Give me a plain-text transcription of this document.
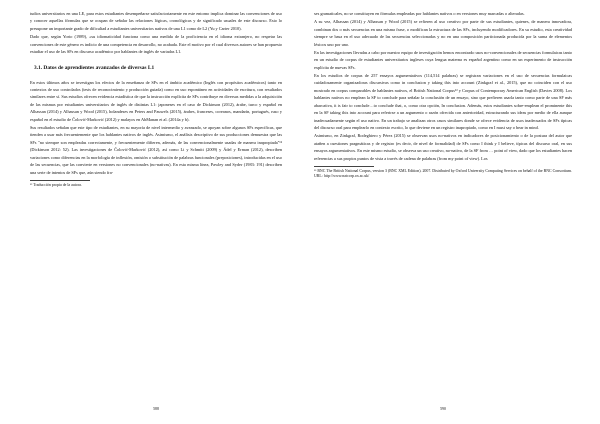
tudios universitarios en una LE, para estos estudiantes desempeñarse satisfactoriamente en este entorno implica dominar las convenciones de uso y conocer aquellas fórmulas que se ocupan de señalar las relaciones lógicas, cronológicas y de significado usuales de este discurso. Esto lo presupone un importante grado de dificultad a estudiantes universitarios nativos de una L1 como de L2 (Yu y Carter 2010).

Dado que, según Yorio (1989), «su idiomaticidad funciona como una medida de la proficiencia en el idioma extranjero, no respetar las convenciones de este género es indicio de una competencia en desarrollo, no acabada. Este el motivo por el cual diversos autores se han propuesto estudiar el uso de las SFs en discurso académico por hablantes de inglés de variadas L1.

3.1. Datos de aprendientes avanzados de diversas L1

En estos últimos años se investigan los efectos de la enseñanza de SFs en el ámbito académico (Inglés con propósitos académicos) tanto en contextos de uso controlados (tests de reconocimiento y producción guiada) como en uso espontáneo en actividades de escritura, con resultados similares entre sí. Sus estudios ofrecen evidencia estadística de que la instrucción explícita de SFs contribuye en diversas medidas a la adquisición de las mismas por estudiantes universitarios de inglés de distintas L1: japoneses en el caso de Dickinson (2012), árabe, turco y español en Alhassan (2014) y Alhassan y Wood (2015), holandeses en Peters and Pauwels (2015), árabes, franceses, coreanos, mandarín, portugués, ruso y español en el estudio de Čolović-Marković (2012) y malayos en AbManan et al. (2014a y b).

Sus resultados señalan que este tipo de estudiantes, en su mayoría de nivel intermedio y avanzado, se apoyan sobre algunos SFs específicas, que tienden a usar más frecuentemente que los hablantes nativos de inglés. Asimismo, el análisis descriptivo de sus producciones demuestra que las SFs "no siempre son empleadas correctamente, y frecuentemente difieren, además, de las convencionalmente usadas de manera inapropiada"¹² (Dickinson 2012: 52). Las investigaciones de Čolović-Marković (2012), así como Li y Schmitt (2009) y Ädel y Erman (2012), describen variaciones como diferencias en la morfología de inflexión, omisión o substitución de palabras funcionales (preposiciones), introducidas en el uso de las secuencias, que las convierte en versiones no convencionales (no-nativas). En esta misma línea, Pawley and Syder (1983: 191) describen una serie de intentos de SFs que, aún siendo fra-

¹² Traducción propia de la autora.

588

ses gramaticales, no se constituyen en fórmulas empleadas por hablantes nativos o en versiones muy marcadas o alteradas.

A su vez, Alhassan (2014) y Alhassan y Wood (2015) se refieren al uso creativo por parte de sus estudiantes, quienes, de manera innovadora, combinan dos o más secuencias en una misma frase, o modifican la estructura de las SFs, incluyendo modificadores. En su estudio, esta creatividad siempre se basa en el uso adecuado de las secuencias seleccionadas y no en una composición particionada producida por la suma de elementos léxicos uno por uno.

En las investigaciones llevadas a cabo por nuestro equipo de investigación hemos encontrado usos no-convencionales de secuencias formulaicas tanto en un estudio de corpus de estudiantes universitarios ingleses cuya lengua materna es español argentino como en un experimento de instrucción explícita de nuevas SFs.

En los estudios de corpus de 257 ensayos argumentativos (114,514 palabras) se registran variaciones en el uso de secuencias formulaicas cuidadosamente organizadoras discursivas como in conclusion y taking this into account (Zinkgraf et al., 2015), que no coinciden con el uso mostrado en corpus comparables de hablantes nativos, el British National Corpus¹³ y Corpus of Contemporary American English (Davies 2008). Los hablantes nativos no emplean la SF to conclude para señalar la conclusión de un ensayo, sino que prefieren usarla tanto como parte de una SF más abarcativa, it is fair to conclude…to conclude that, o, como otra opción, In conclusion. Además, estos estudiantes sobre-emplean el prominente this en la SF taking this into account para referirse a un argumento o razón ofrecida con anterioridad, estructurando sus ideas por medio de ella aunque inadecuadamente según el uso nativo. En un trabajo se analizan otros casos similares donde se ofrece evidencia de usos inadecuados de SFs típicas del discurso oral para emplearlo en contexto escrito, lo que deviene en un registro inapropiado, como en I must say o bear in mind.

Asimismo, en Zinkgraf, Rodeghiero y Pérez (2015) se observan usos no-nativos en indicadores de posicionamiento o de la postura del autor que atañen a cuestiones pragmáticas y de registro (es decir, de nivel de formalidad) de SFs como I think y I believe, típicas del discurso oral, en sus ensayos argumentativos. En este mismo estudio, se observa un uso creativo, no-nativo, de la SF from … point of view, dado que los estudiantes hacen referencias a sus propios puntos de vista a través de cadena de palabras (from my point of view). Los

¹³ BNC The British National Corpus, version 3 (BNC XML Edition). 2007. Distributed by Oxford University Computing Services on behalf of the BNC Consortium. URL: http://www.natcorp.ox.ac.uk/

590
